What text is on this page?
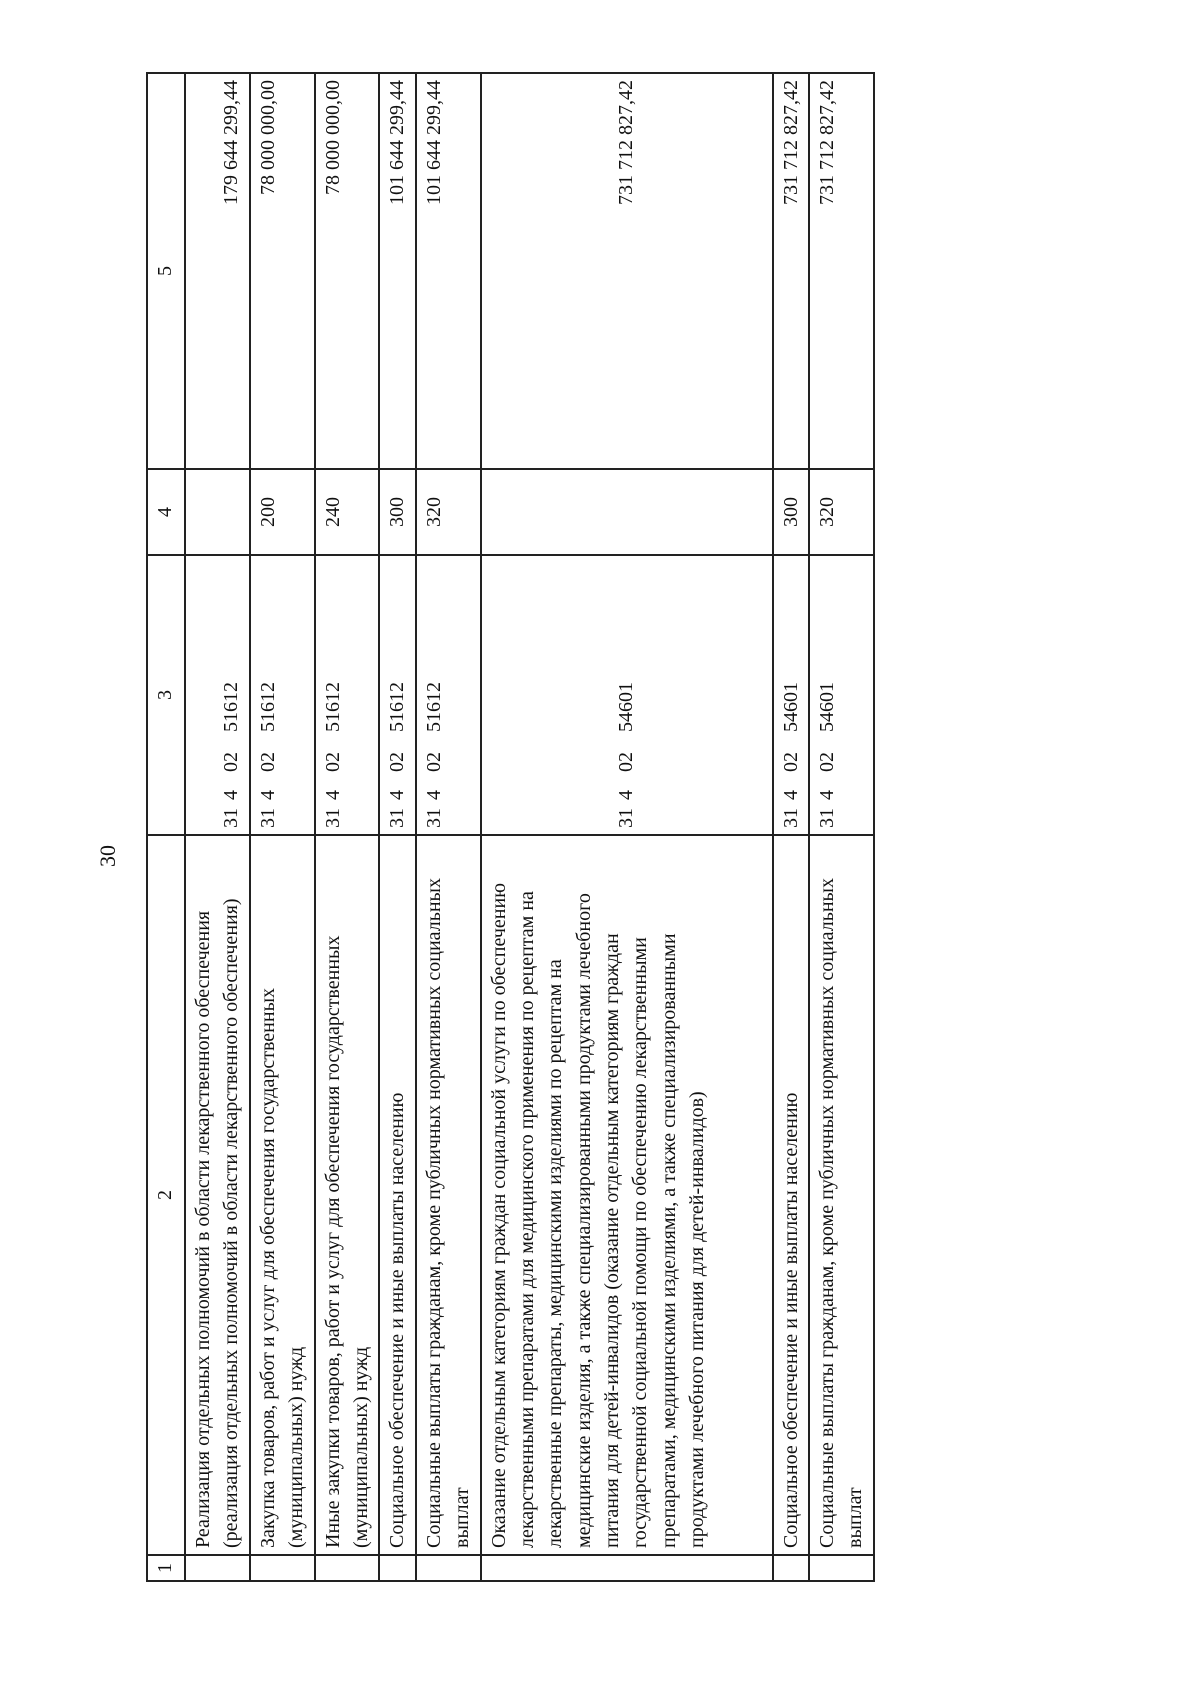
30
1	2	3	4	5
	Реализация отдельных полномочий в области лекарственного обеспечения (реализация отдельных полномочий в области лекарственного обеспечения)	3140251612		179 644 299,44
	Закупка товаров, работ и услуг для обеспечения государственных (муниципальных) нужд	3140251612	200	78 000 000,00
	Иные закупки товаров, работ и услуг для обеспечения государственных (муниципальных) нужд	3140251612	240	78 000 000,00
	Социальное обеспечение и иные выплаты населению	3140251612	300	101 644 299,44
	Социальные выплаты гражданам, кроме публичных нормативных социальных выплат	3140251612	320	101 644 299,44
	Оказание отдельным категориям граждан социальной услуги по обеспечению лекарственными препаратами для медицинского применения по рецептам на лекарственные препараты, медицинскими изделиями по рецептам на медицинские изделия, а также специализированными продуктами лечебного питания для детей-инвалидов (оказание отдельным категориям граждан государственной социальной помощи по обеспечению лекарственными препаратами, медицинскими изделиями, а также специализированными продуктами лечебного питания для детей-инвалидов)	3140254601		731 712 827,42
	Социальное обеспечение и иные выплаты населению	3140254601	300	731 712 827,42
	Социальные выплаты гражданам, кроме публичных нормативных социальных выплат	3140254601	320	731 712 827,42
